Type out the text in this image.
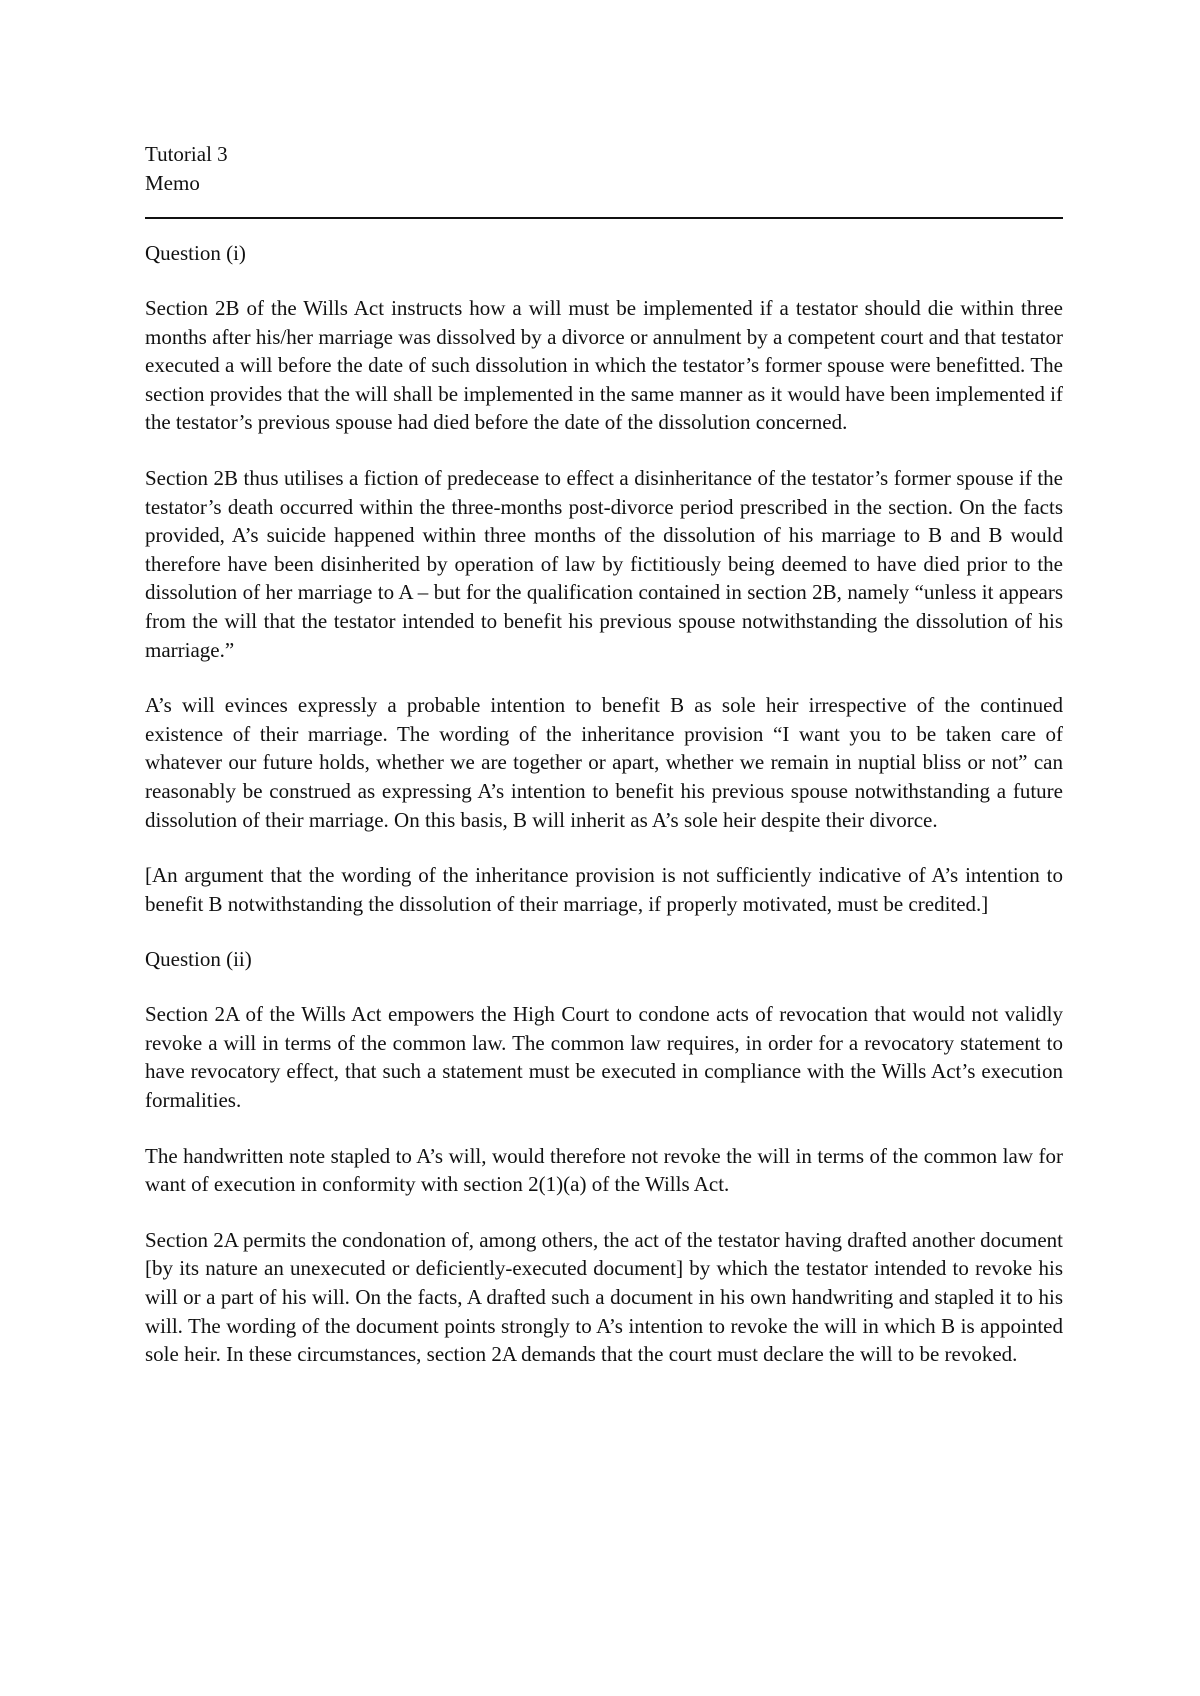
Tutorial 3

Memo

Question (i)

Section 2B of the Wills Act instructs how a will must be implemented if a testator should die within three months after his/her marriage was dissolved by a divorce or annulment by a competent court and that testator executed a will before the date of such dissolution in which the testator’s former spouse were benefitted. The section provides that the will shall be implemented in the same manner as it would have been implemented if the testator’s previous spouse had died before the date of the dissolution concerned.

Section 2B thus utilises a fiction of predecease to effect a disinheritance of the testator’s former spouse if the testator’s death occurred within the three-months post-divorce period prescribed in the section. On the facts provided, A’s suicide happened within three months of the dissolution of his marriage to B and B would therefore have been disinherited by operation of law by fictitiously being deemed to have died prior to the dissolution of her marriage to A – but for the qualification contained in section 2B, namely “unless it appears from the will that the testator intended to benefit his previous spouse notwithstanding the dissolution of his marriage.”

A’s will evinces expressly a probable intention to benefit B as sole heir irrespective of the continued existence of their marriage. The wording of the inheritance provision “I want you to be taken care of whatever our future holds, whether we are together or apart, whether we remain in nuptial bliss or not” can reasonably be construed as expressing A’s intention to benefit his previous spouse notwithstanding a future dissolution of their marriage. On this basis, B will inherit as A’s sole heir despite their divorce.

[An argument that the wording of the inheritance provision is not sufficiently indicative of A’s intention to benefit B notwithstanding the dissolution of their marriage, if properly motivated, must be credited.]

Question (ii)

Section 2A of the Wills Act empowers the High Court to condone acts of revocation that would not validly revoke a will in terms of the common law. The common law requires, in order for a revocatory statement to have revocatory effect, that such a statement must be executed in compliance with the Wills Act’s execution formalities.

The handwritten note stapled to A’s will, would therefore not revoke the will in terms of the common law for want of execution in conformity with section 2(1)(a) of the Wills Act.

Section 2A permits the condonation of, among others, the act of the testator having drafted another document [by its nature an unexecuted or deficiently-executed document] by which the testator intended to revoke his will or a part of his will. On the facts, A drafted such a document in his own handwriting and stapled it to his will. The wording of the document points strongly to A’s intention to revoke the will in which B is appointed sole heir. In these circumstances, section 2A demands that the court must declare the will to be revoked.
